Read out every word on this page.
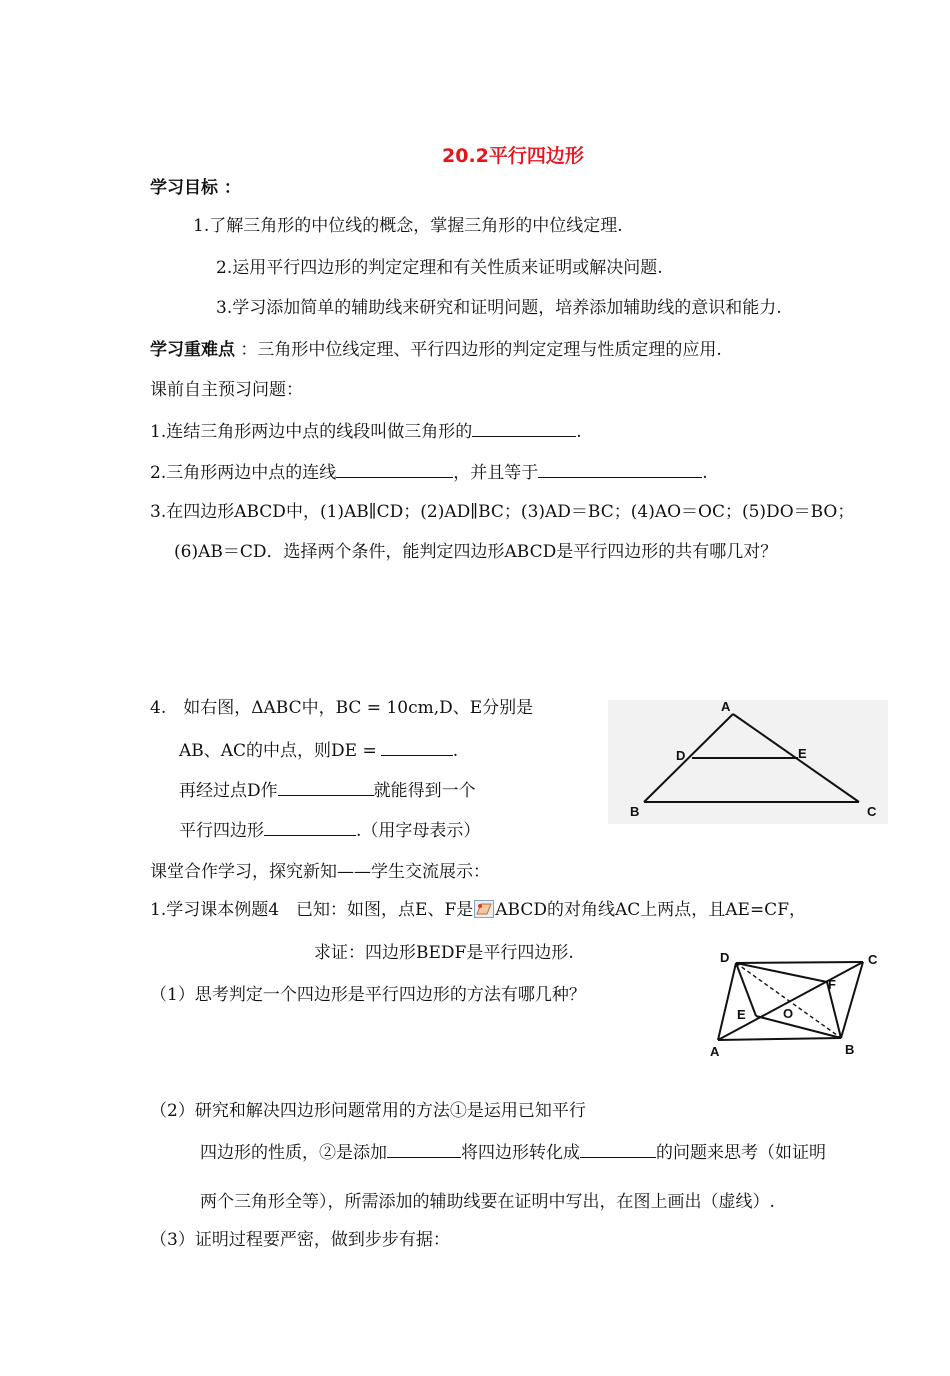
20.2平行四边形
学习目标 ：
1.了解三角形的中位线的概念，掌握三角形的中位线定理.
2.运用平行四边形的判定定理和有关性质来证明或解决问题.
3.学习添加简单的辅助线来研究和证明问题，培养添加辅助线的意识和能力.
学习重难点 ：三角形中位线定理、平行四边形的判定定理与性质定理的应用.
课前自主预习问题：
1.连结三角形两边中点的线段叫做三角形的	.
2.三角形两边中点的连线	，并且等于	.
3.在四边形ABCD中，(1)AB∥CD；(2)AD∥BC；(3)AD＝BC；(4)AO＝OC；(5)DO＝BO；
(6)AB＝CD．选择两个条件，能判定四边形ABCD是平行四边形的共有哪几对？
4.　如右图，ΔABC中，BC = 10cm,D、E分别是
AB、AC的中点，则DE =	.
再经过点D作	就能得到一个
平行四边形	.（用字母表示）
A
D	E
B	C
课堂合作学习，探究新知——学生交流展示：
1.学习课本例题4　已知：如图，点E、F是 ABCD的对角线AC上两点，且AE=CF，
求证：四边形BEDF是平行四边形.
（1）思考判定一个四边形是平行四边形的方法有哪几种？
D	C
F
O
E
A	B
（2）研究和解决四边形问题常用的方法①是运用已知平行
四边形的性质，②是添加	将四边形转化成	的问题来思考（如证明
两个三角形全等），所需添加的辅助线要在证明中写出，在图上画出（虚线）.
（3）证明过程要严密，做到步步有据：
